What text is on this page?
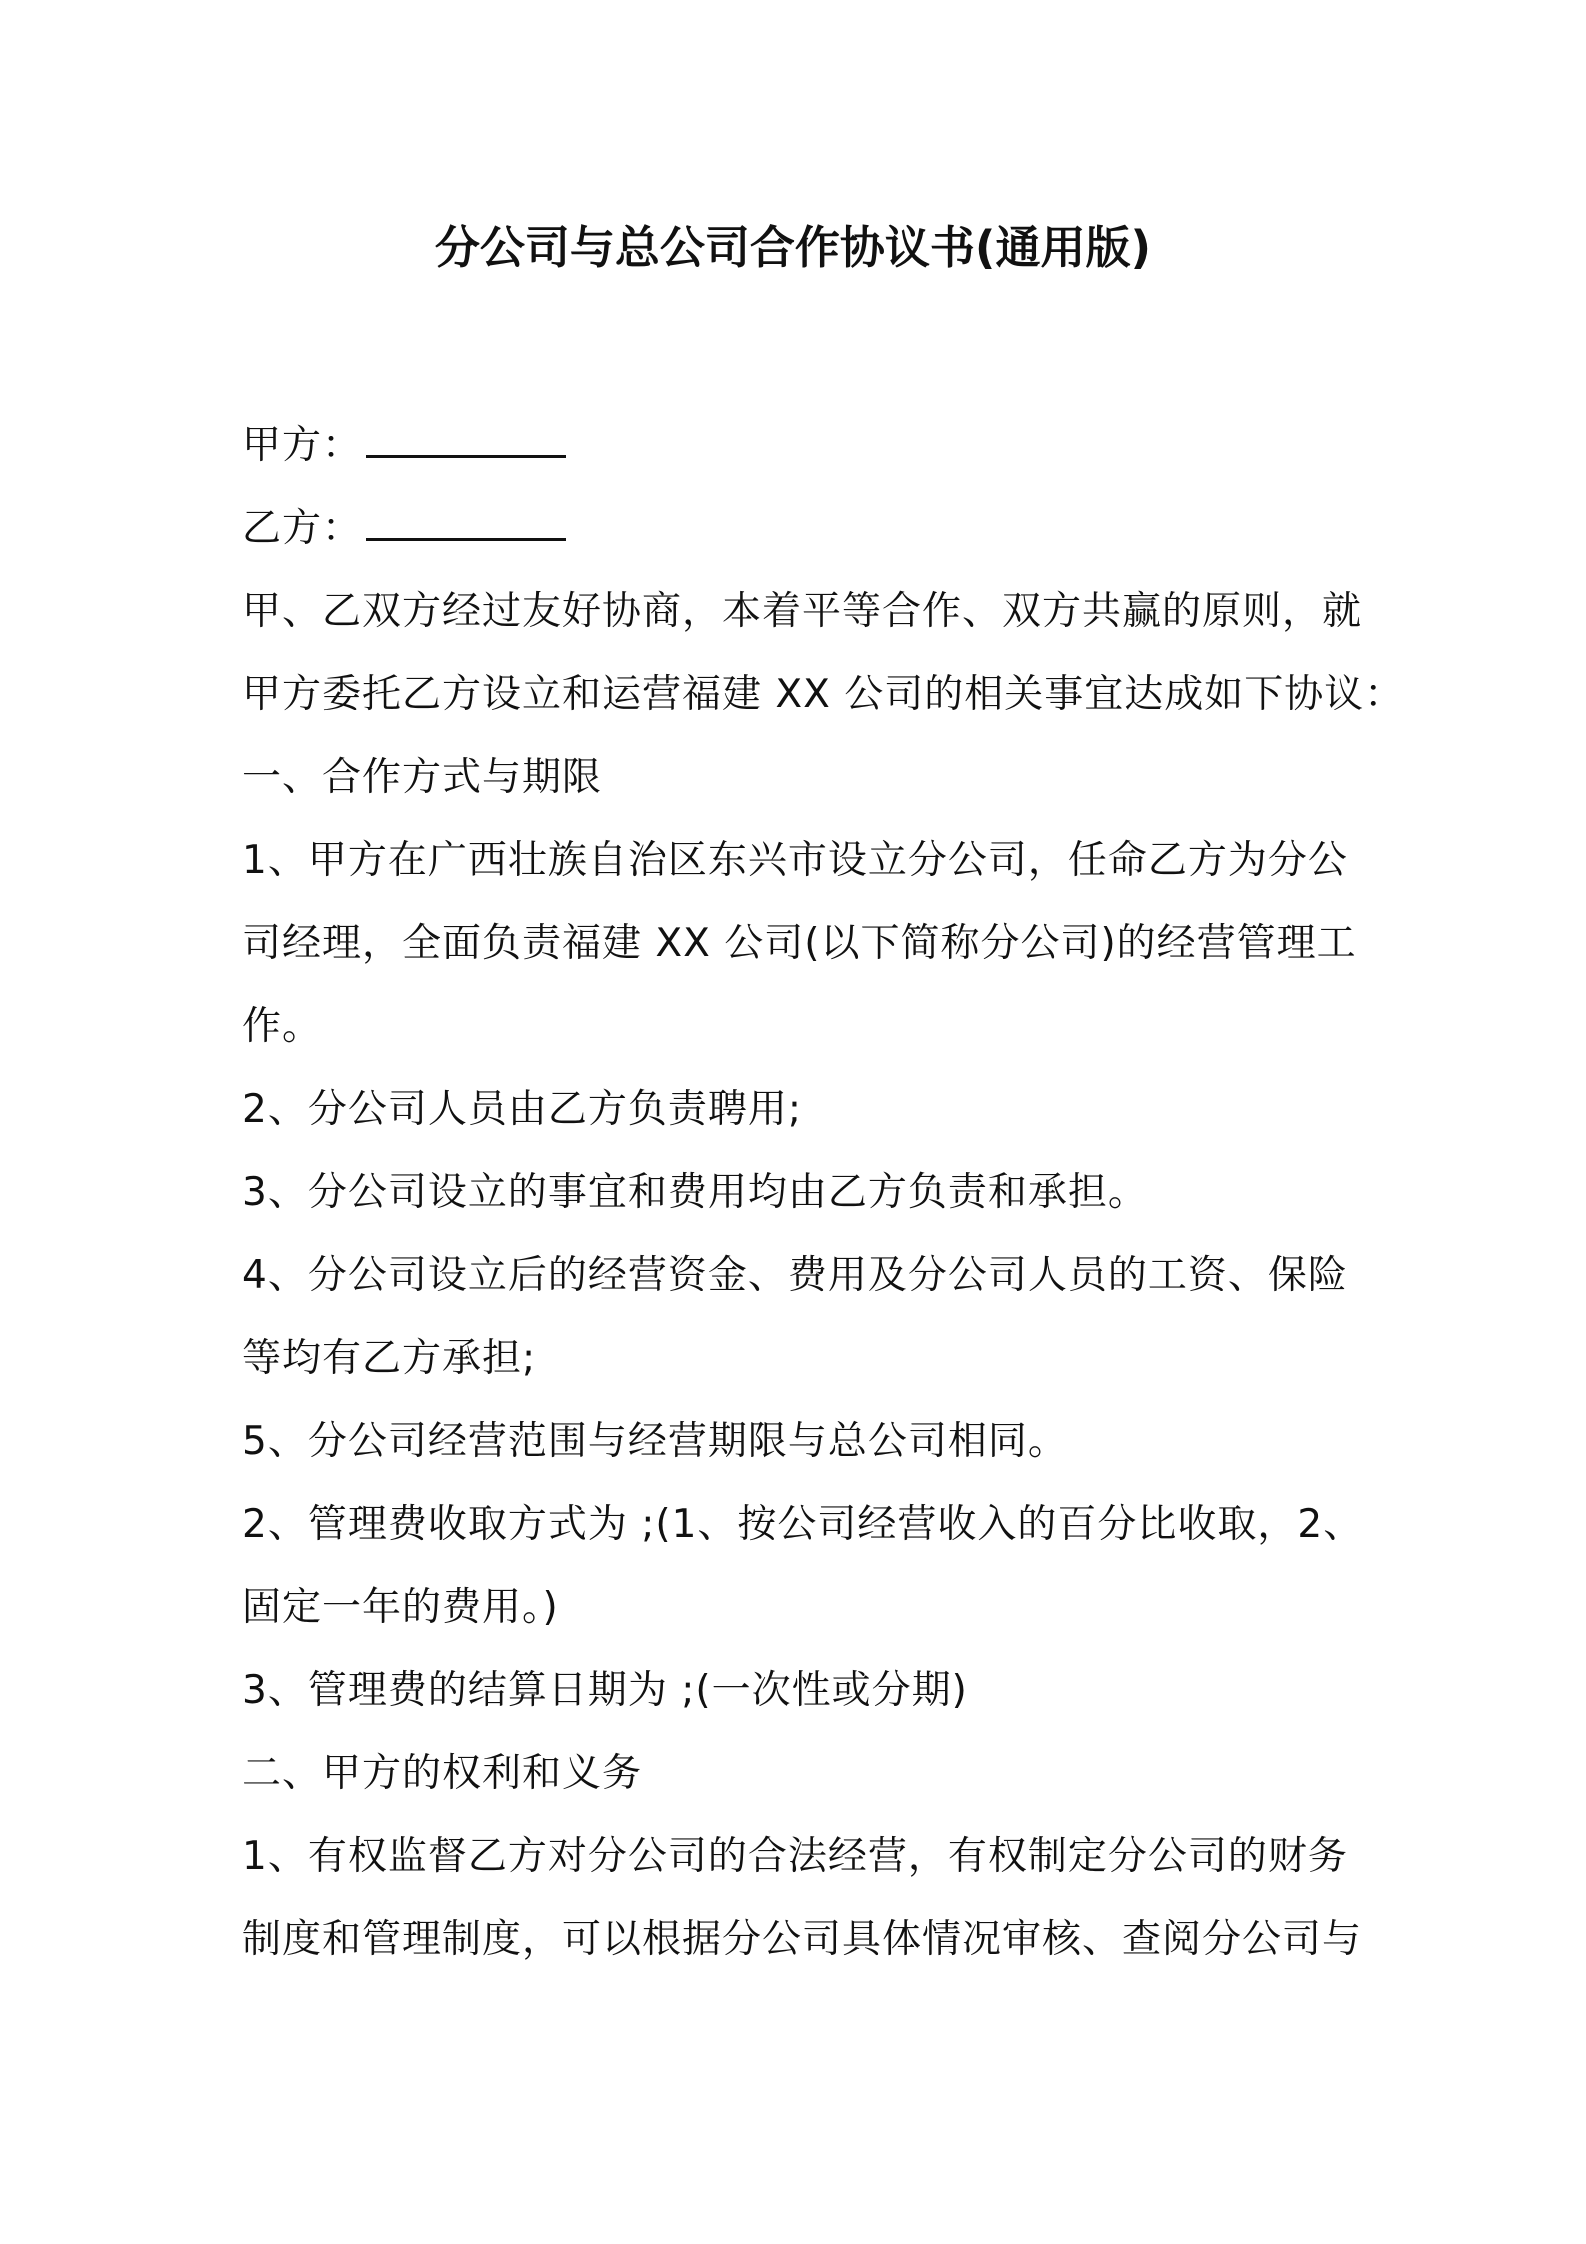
分公司与总公司合作协议书(通用版)
甲方：
乙方：
甲、乙双方经过友好协商，本着平等合作、双方共赢的原则，就
甲方委托乙方设立和运营福建 XX 公司的相关事宜达成如下协议：
一、合作方式与期限
1、甲方在广西壮族自治区东兴市设立分公司，任命乙方为分公
司经理，全面负责福建 XX 公司(以下简称分公司)的经营管理工
作。
2、分公司人员由乙方负责聘用;
3、分公司设立的事宜和费用均由乙方负责和承担。
4、分公司设立后的经营资金、费用及分公司人员的工资、保险
等均有乙方承担;
5、分公司经营范围与经营期限与总公司相同。
2、管理费收取方式为 ;(1、按公司经营收入的百分比收取，2、
固定一年的费用。)
3、管理费的结算日期为 ;(一次性或分期)
二、甲方的权利和义务
1、有权监督乙方对分公司的合法经营，有权制定分公司的财务
制度和管理制度，可以根据分公司具体情况审核、查阅分公司与
